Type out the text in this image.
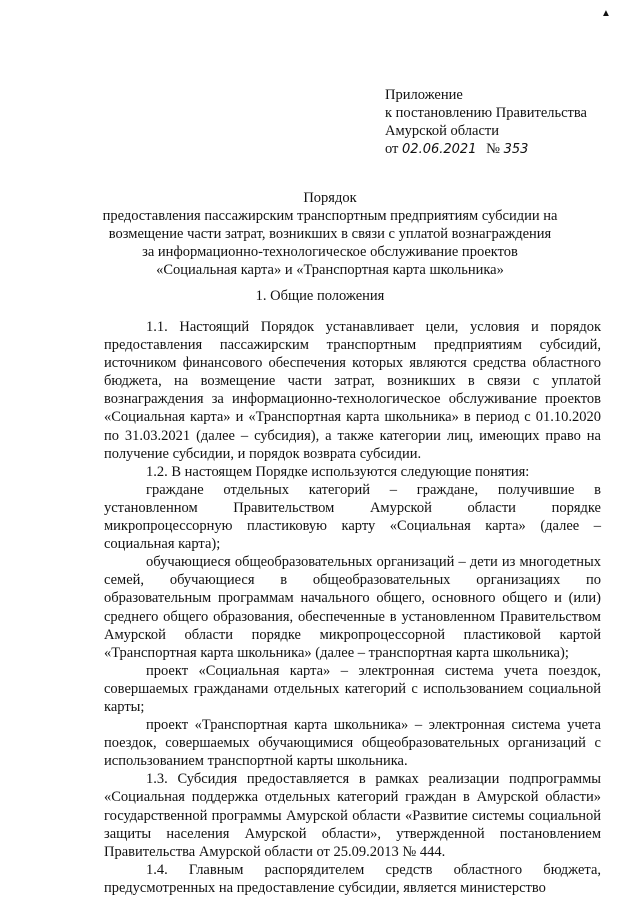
▲
Приложение
к постановлению Правительства
Амурской области
от 02.06.2021 № 353
Порядок
предоставления пассажирским транспортным предприятиям субсидии на
возмещение части затрат, возникших в связи с уплатой вознаграждения
за информационно-технологическое обслуживание проектов
«Социальная карта» и «Транспортная карта школьника»
1. Общие положения

1.1. Настоящий Порядок устанавливает цели, условия и порядок предоставления пассажирским транспортным предприятиям субсидий, источником финансового обеспечения которых являются средства областного бюджета, на возмещение части затрат, возникших в связи с уплатой вознаграждения за информационно-технологическое обслуживание проектов «Социальная карта» и «Транспортная карта школьника» в период с 01.10.2020 по 31.03.2021 (далее – субсидия), а также категории лиц, имеющих право на получение субсидии, и порядок возврата субсидии.

1.2. В настоящем Порядке используются следующие понятия:

граждане отдельных категорий – граждане, получившие в установленном Правительством Амурской области порядке микропроцессорную пластиковую карту «Социальная карта» (далее – социальная карта);

обучающиеся общеобразовательных организаций – дети из многодетных семей, обучающиеся в общеобразовательных организациях по образовательным программам начального общего, основного общего и (или) среднего общего образования, обеспеченные в установленном Правительством Амурской области порядке микропроцессорной пластиковой картой «Транспортная карта школьника» (далее – транспортная карта школьника);

проект «Социальная карта» – электронная система учета поездок, совершаемых гражданами отдельных категорий с использованием социальной карты;

проект «Транспортная карта школьника» – электронная система учета поездок, совершаемых обучающимися общеобразовательных организаций с использованием транспортной карты школьника.

1.3. Субсидия предоставляется в рамках реализации подпрограммы «Социальная поддержка отдельных категорий граждан в Амурской области» государственной программы Амурской области «Развитие системы социальной защиты населения Амурской области», утвержденной постановлением Правительства Амурской области от 25.09.2013 № 444.

1.4. Главным распорядителем средств областного бюджета, предусмотренных на предоставление субсидии, является министерство
